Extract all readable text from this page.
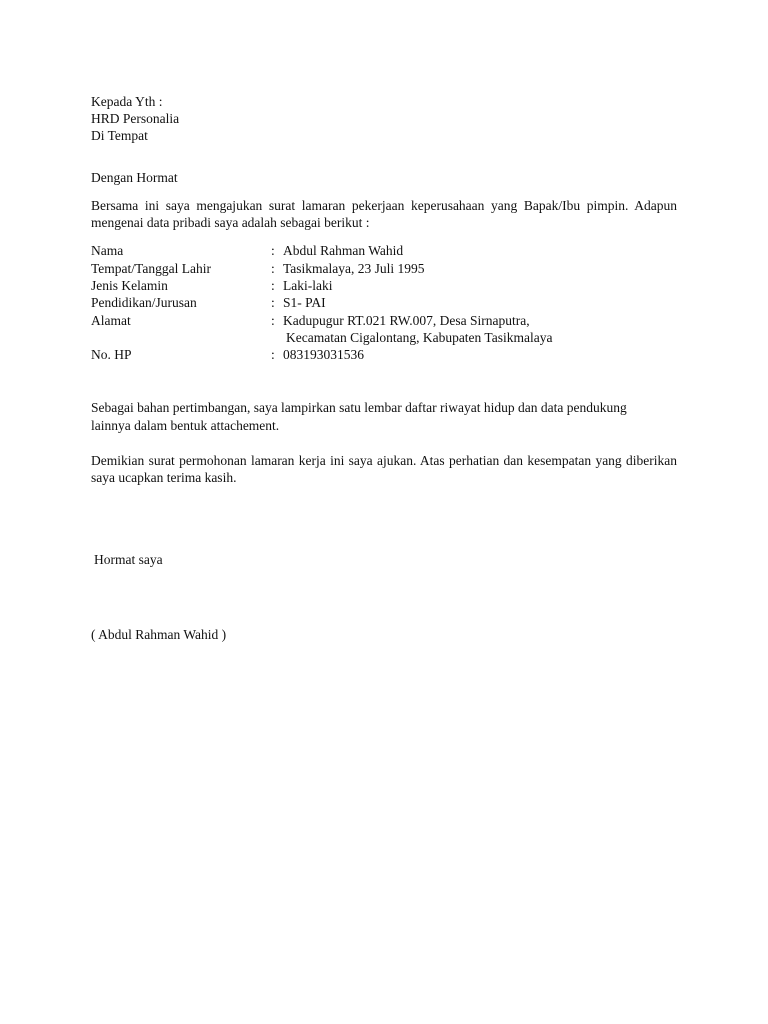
Kepada Yth :
HRD Personalia
Di Tempat
Dengan Hormat
Bersama ini saya mengajukan surat lamaran pekerjaan keperusahaan yang Bapak/Ibu pimpin. Adapun mengenai data pribadi saya adalah sebagai berikut :
Nama	: Abdul Rahman Wahid
Tempat/Tanggal Lahir	: Tasikmalaya, 23 Juli 1995
Jenis Kelamin	: Laki-laki
Pendidikan/Jurusan	: S1- PAI
Alamat	: Kadupugur RT.021 RW.007, Desa Sirnaputra,
Kecamatan Cigalontang, Kabupaten Tasikmalaya
No. HP	: 083193031536
Sebagai bahan pertimbangan, saya lampirkan satu lembar daftar riwayat hidup dan data pendukung
lainnya dalam bentuk attachement.
Demikian surat permohonan lamaran kerja ini saya ajukan. Atas perhatian dan kesempatan yang diberikan saya ucapkan terima kasih.
Hormat saya
( Abdul Rahman Wahid )
